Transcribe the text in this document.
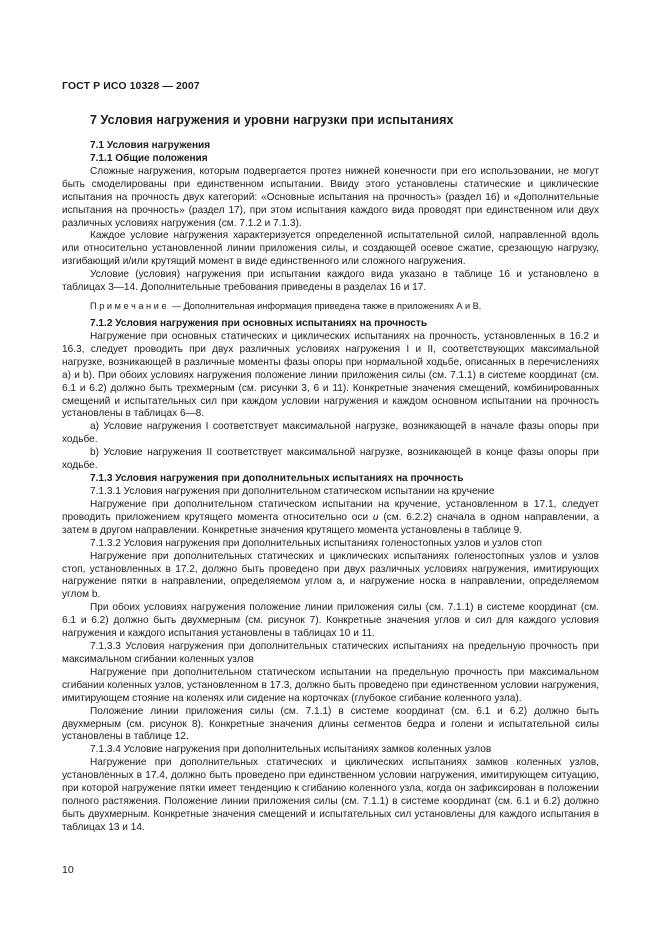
ГОСТ Р ИСО 10328 — 2007
7 Условия нагружения и уровни нагрузки при испытаниях

7.1 Условия нагружения

7.1.1 Общие положения

Сложные нагружения, которым подвергается протез нижней конечности при его использовании, не могут быть смоделированы при единственном испытании. Ввиду этого установлены статические и циклические испытания на прочность двух категорий: «Основные испытания на прочность» (раздел 16) и «Дополнительные испытания на прочность» (раздел 17), при этом испытания каждого вида проводят при единственном или двух различных условиях нагружения (см. 7.1.2 и 7.1.3).

Каждое условие нагружения характеризуется определенной испытательной силой, направленной вдоль или относительно установленной линии приложения силы, и создающей осевое сжатие, срезающую нагрузку, изгибающий и/или крутящий момент в виде единственного или сложного нагружения.

Условие (условия) нагружения при испытании каждого вида указано в таблице 16 и установлено в таблицах 3—14. Дополнительные требования приведены в разделах 16 и 17.

Примечание — Дополнительная информация приведена также в приложениях А и B.

7.1.2 Условия нагружения при основных испытаниях на прочность

Нагружение при основных статических и циклических испытаниях на прочность, установленных в 16.2 и 16.3, следует проводить при двух различных условиях нагружения I и II, соответствующих максимальной нагрузке, возникающей в различные моменты фазы опоры при нормальной ходьбе, описанных в перечислениях а) и b). При обоих условиях нагружения положение линии приложения силы (см. 7.1.1) в системе координат (см. 6.1 и 6.2) должно быть трехмерным (см. рисунки 3, 6 и 11). Конкретные значения смещений, комбинированных смещений и испытательных сил при каждом условии нагружения и каждом основном испытании на прочность установлены в таблицах 6—8.

а) Условие нагружения I соответствует максимальной нагрузке, возникающей в начале фазы опоры при ходьбе.

b) Условие нагружения II соответствует максимальной нагрузке, возникающей в конце фазы опоры при ходьбе.

7.1.3 Условия нагружения при дополнительных испытаниях на прочность

7.1.3.1 Условия нагружения при дополнительном статическом испытании на кручение

Нагружение при дополнительном статическом испытании на кручение, установленном в 17.1, следует проводить приложением крутящего момента относительно оси u (см. 6.2.2) сначала в одном направлении, а затем в другом направлении. Конкретные значения крутящего момента установлены в таблице 9.

7.1.3.2 Условия нагружения при дополнительных испытаниях голеностопных узлов и узлов стоп

Нагружение при дополнительных статических и циклических испытаниях голеностопных узлов и узлов стоп, установленных в 17.2, должно быть проведено при двух различных условиях нагружения, имитирующих нагружение пятки в направлении, определяемом углом a, и нагружение носка в направлении, определяемом углом b.

При обоих условиях нагружения положение линии приложения силы (см. 7.1.1) в системе координат (см. 6.1 и 6.2) должно быть двухмерным (см. рисунок 7). Конкретные значения углов и сил для каждого условия нагружения и каждого испытания установлены в таблицах 10 и 11.

7.1.3.3 Условия нагружения при дополнительных статических испытаниях на предельную прочность при максимальном сгибании коленных узлов

Нагружение при дополнительном статическом испытании на предельную прочность при максимальном сгибании коленных узлов, установленном в 17.3, должно быть проведено при единственном условии нагружения, имитирующем стояние на коленях или сидение на корточках (глубокое сгибание коленного узла).

Положение линии приложения силы (см. 7.1.1) в системе координат (см. 6.1 и 6.2) должно быть двухмерным (см. рисунок 8). Конкретные значения длины сегментов бедра и голени и испытательной силы установлены в таблице 12.

7.1.3.4 Условие нагружения при дополнительных испытаниях замков коленных узлов

Нагружение при дополнительных статических и циклических испытаниях замков коленных узлов, установленных в 17.4, должно быть проведено при единственном условии нагружения, имитирующем ситуацию, при которой нагружение пятки имеет тенденцию к сгибанию коленного узла, когда он зафиксирован в положении полного растяжения. Положение линии приложения силы (см. 7.1.1) в системе координат (см. 6.1 и 6.2) должно быть двухмерным. Конкретные значения смещений и испытательных сил установлены для каждого испытания в таблицах 13 и 14.

10
